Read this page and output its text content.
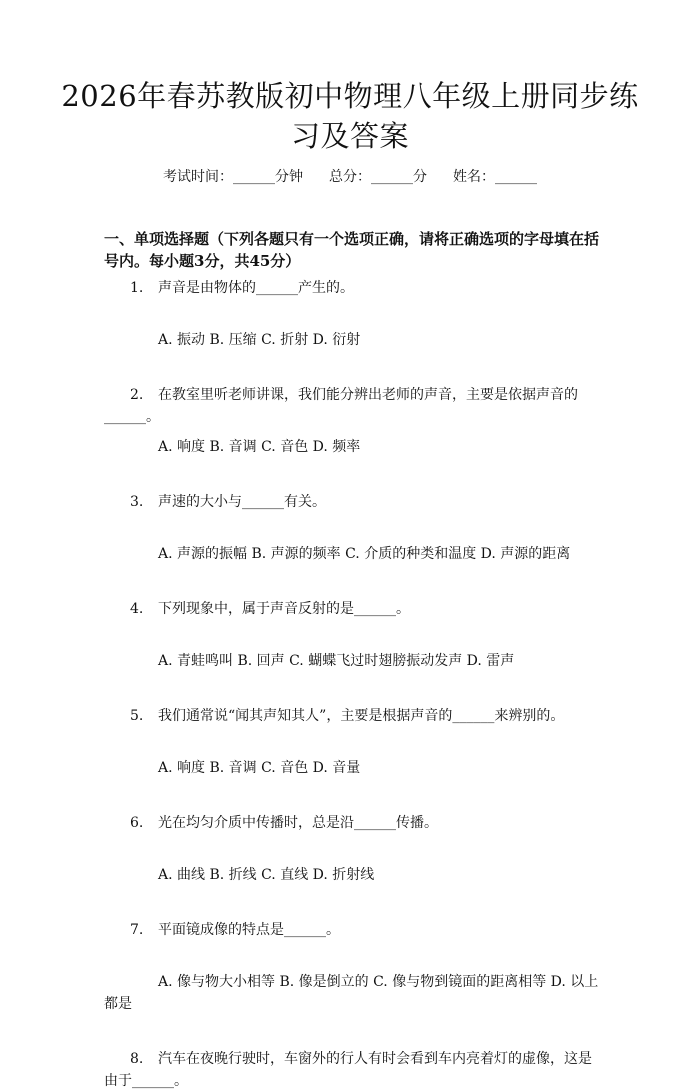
2026年春苏教版初中物理八年级上册同步练习及答案
考试时间：______分钟 总分：______分 姓名：______
一、单项选择题（下列各题只有一个选项正确，请将正确选项的字母填在括号内。每小题3分，共45分）

1. 声音是由物体的______产生的。

A. 振动 B. 压缩 C. 折射 D. 衍射

2. 在教室里听老师讲课，我们能分辨出老师的声音，主要是依据声音的______。

A. 响度 B. 音调 C. 音色 D. 频率

3. 声速的大小与______有关。

A. 声源的振幅 B. 声源的频率 C. 介质的种类和温度 D. 声源的距离

4. 下列现象中，属于声音反射的是______。

A. 青蛙鸣叫 B. 回声 C. 蝴蝶飞过时翅膀振动发声 D. 雷声

5. 我们通常说“闻其声知其人”，主要是根据声音的______来辨别的。

A. 响度 B. 音调 C. 音色 D. 音量

6. 光在均匀介质中传播时，总是沿______传播。

A. 曲线 B. 折线 C. 直线 D. 折射线

7. 平面镜成像的特点是______。

A. 像与物大小相等 B. 像是倒立的 C. 像与物到镜面的距离相等 D. 以上都是

8. 汽车在夜晚行驶时，车窗外的行人有时会看到车内亮着灯的虚像，这是由于______。
